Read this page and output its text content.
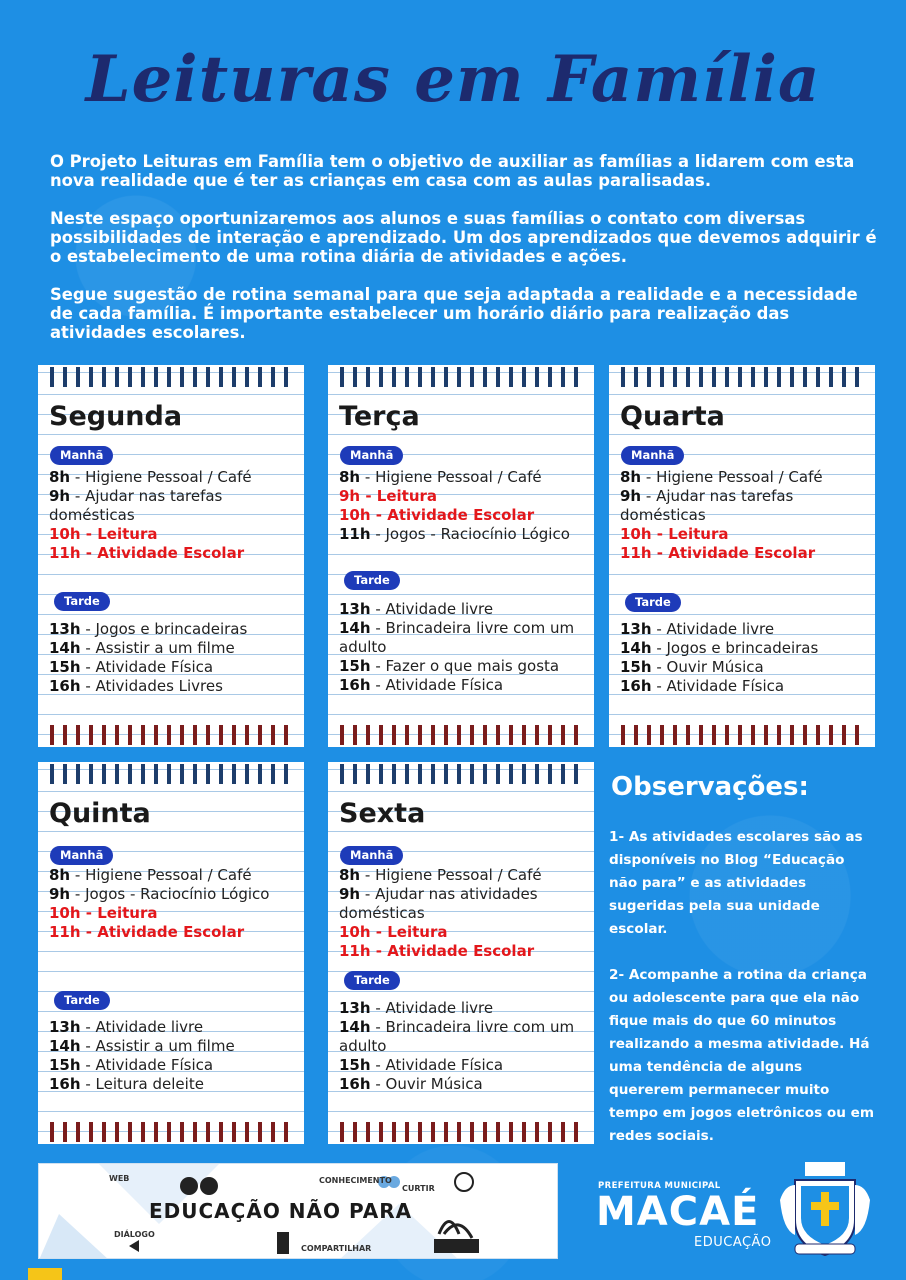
Leituras em Família

O Projeto Leituras em Família tem o objetivo de auxiliar as famílias a lidarem com esta nova realidade que é ter as crianças em casa com as aulas paralisadas.

Neste espaço oportunizaremos aos alunos e suas famílias o contato com diversas possibilidades de interação e aprendizado. Um dos aprendizados que devemos adquirir é o estabelecimento de uma rotina diária de atividades e ações.

Segue sugestão de rotina semanal para que seja adaptada a realidade e a necessidade de cada família. É importante estabelecer um horário diário para realização das atividades escolares.

Segunda
Manhã
8h - Higiene Pessoal / Café
9h - Ajudar nas tarefas domésticas
10h - Leitura
11h - Atividade Escolar
Tarde
13h - Jogos e brincadeiras
14h - Assistir a um filme
15h - Atividade Física
16h - Atividades Livres
Terça
Manhã
8h - Higiene Pessoal / Café
9h - Leitura
10h - Atividade Escolar
11h - Jogos - Raciocínio Lógico
Tarde
13h - Atividade livre
14h - Brincadeira livre com um adulto
15h - Fazer o que mais gosta
16h - Atividade Física
Quarta
Manhã
8h - Higiene Pessoal / Café
9h - Ajudar nas tarefas domésticas
10h - Leitura
11h - Atividade Escolar
Tarde
13h - Atividade livre
14h - Jogos e brincadeiras
15h - Ouvir Música
16h - Atividade Física
Quinta
Manhã
8h - Higiene Pessoal / Café
9h - Jogos - Raciocínio Lógico
10h - Leitura
11h - Atividade Escolar
Tarde
13h - Atividade livre
14h - Assistir a um filme
15h - Atividade Física
16h - Leitura deleite
Sexta
Manhã
8h - Higiene Pessoal / Café
9h - Ajudar nas atividades domésticas
10h - Leitura
11h - Atividade Escolar
Tarde
13h - Atividade livre
14h - Brincadeira livre com um adulto
15h - Atividade Física
16h - Ouvir Música
Observações:

1- As atividades escolares são as disponíveis no Blog “Educação não para” e as atividades sugeridas pela sua unidade escolar.

2- Acompanhe a rotina da criança ou adolescente para que ela não fique mais do que 60 minutos realizando a mesma atividade. Há uma tendência de alguns quererem permanecer muito tempo em jogos eletrônicos ou em redes sociais.

WEB	CONHECIMENTO
CURTIR
EDUCAÇÃO NÃO PARA
DIÁLOGO
COMPARTILHAR
PREFEITURA MUNICIPAL
MACAÉ
EDUCAÇÃO
